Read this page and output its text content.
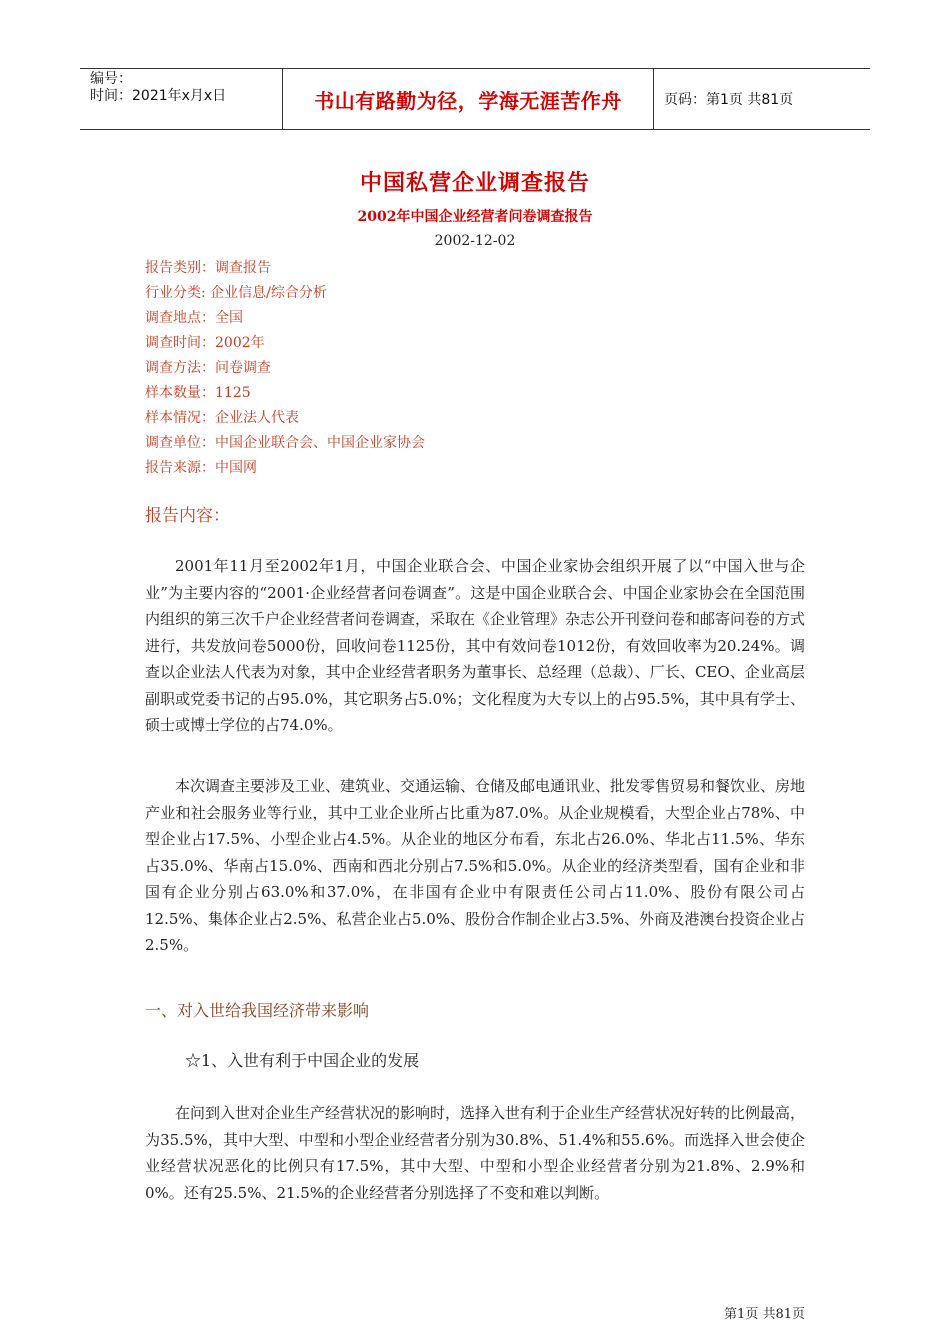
编号：
时间：2021年x月x日	书山有路勤为径，学海无涯苦作舟	页码：第1页 共81页
中国私营企业调查报告
2002年中国企业经营者问卷调查报告
2002-12-02
报告类别：调查报告
行业分类: 企业信息/综合分析
调查地点：全国
调查时间：2002年
调查方法：问卷调查
样本数量：1125
样本情况：企业法人代表
调查单位：中国企业联合会、中国企业家协会
报告来源：中国网
报告内容：

2001年11月至2002年1月，中国企业联合会、中国企业家协会组织开展了以“中国入世与企业”为主要内容的“2001·企业经营者问卷调查”。这是中国企业联合会、中国企业家协会在全国范围内组织的第三次千户企业经营者问卷调查，采取在《企业管理》杂志公开刊登问卷和邮寄问卷的方式进行，共发放问卷5000份，回收问卷1125份，其中有效问卷1012份，有效回收率为20.24%。调查以企业法人代表为对象，其中企业经营者职务为董事长、总经理（总裁）、厂长、CEO、企业高层副职或党委书记的占95.0%，其它职务占5.0%；文化程度为大专以上的占95.5%，其中具有学士、硕士或博士学位的占74.0%。

本次调查主要涉及工业、建筑业、交通运输、仓储及邮电通讯业、批发零售贸易和餐饮业、房地产业和社会服务业等行业，其中工业企业所占比重为87.0%。从企业规模看，大型企业占78%、中型企业占17.5%、小型企业占4.5%。从企业的地区分布看，东北占26.0%、华北占11.5%、华东占35.0%、华南占15.0%、西南和西北分别占7.5%和5.0%。从企业的经济类型看，国有企业和非国有企业分别占63.0%和37.0%，在非国有企业中有限责任公司占11.0%、股份有限公司占12.5%、集体企业占2.5%、私营企业占5.0%、股份合作制企业占3.5%、外商及港澳台投资企业占2.5%。

一、对入世给我国经济带来影响
☆1、入世有利于中国企业的发展

在问到入世对企业生产经营状况的影响时，选择入世有利于企业生产经营状况好转的比例最高，为35.5%，其中大型、中型和小型企业经营者分别为30.8%、51.4%和55.6%。而选择入世会使企业经营状况恶化的比例只有17.5%，其中大型、中型和小型企业经营者分别为21.8%、2.9%和0%。还有25.5%、21.5%的企业经营者分别选择了不变和难以判断。

第1页 共81页
